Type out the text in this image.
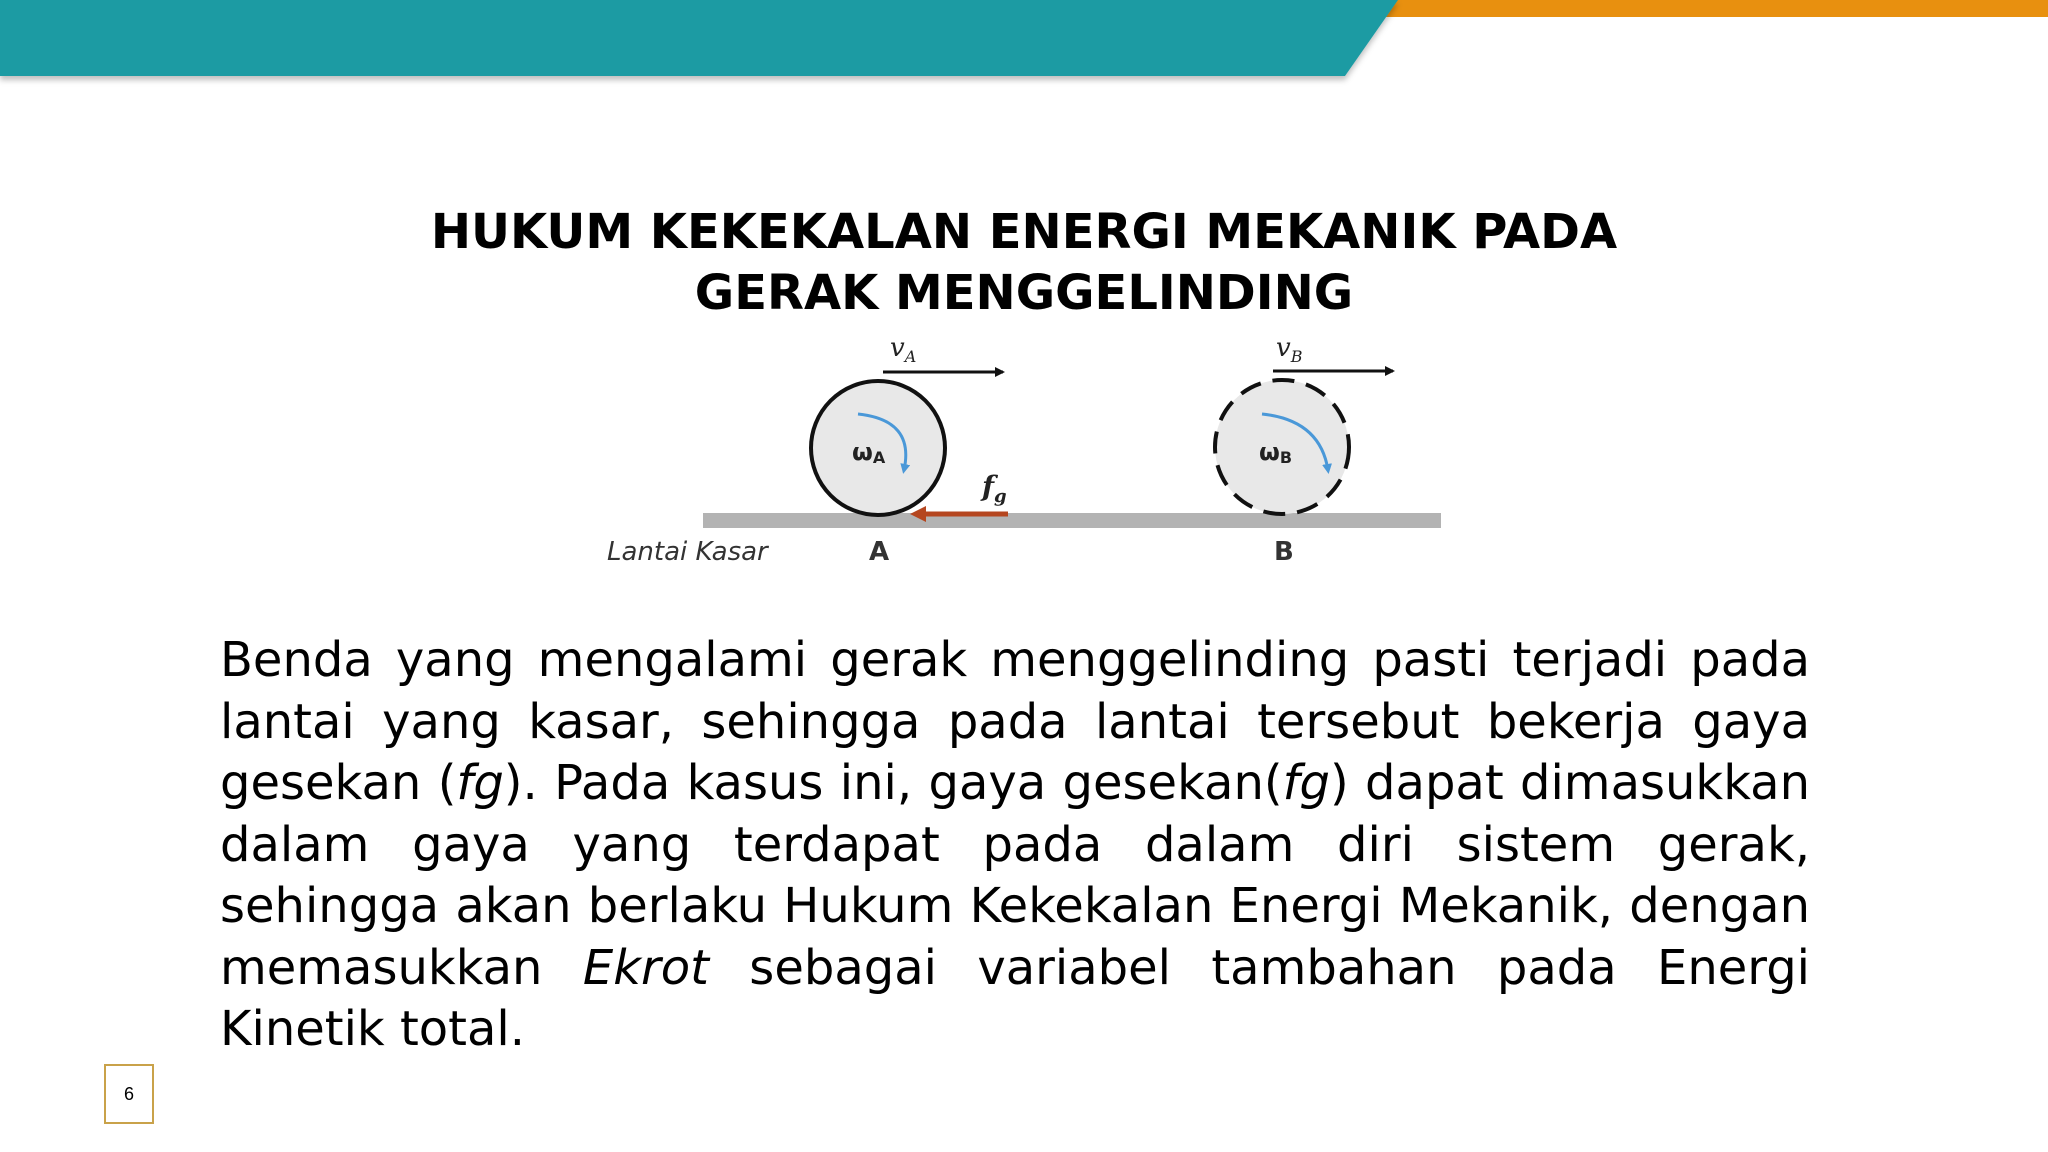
HUKUM KEKEKALAN ENERGI MEKANIK PADA
GERAK MENGGELINDING
$v_A$	$v_B$
ωA	ωB
$f_g$
Lantai Kasar	A	B

Benda yang mengalami gerak menggelinding pasti terjadi pada lantai yang kasar, sehingga pada lantai tersebut bekerja gaya gesekan (fg). Pada kasus ini, gaya gesekan(fg) dapat dimasukkan dalam gaya yang terdapat pada dalam diri sistem gerak, sehingga akan berlaku Hukum Kekekalan Energi Mekanik, dengan memasukkan Ekrot sebagai variabel tambahan pada Energi Kinetik total.

6
